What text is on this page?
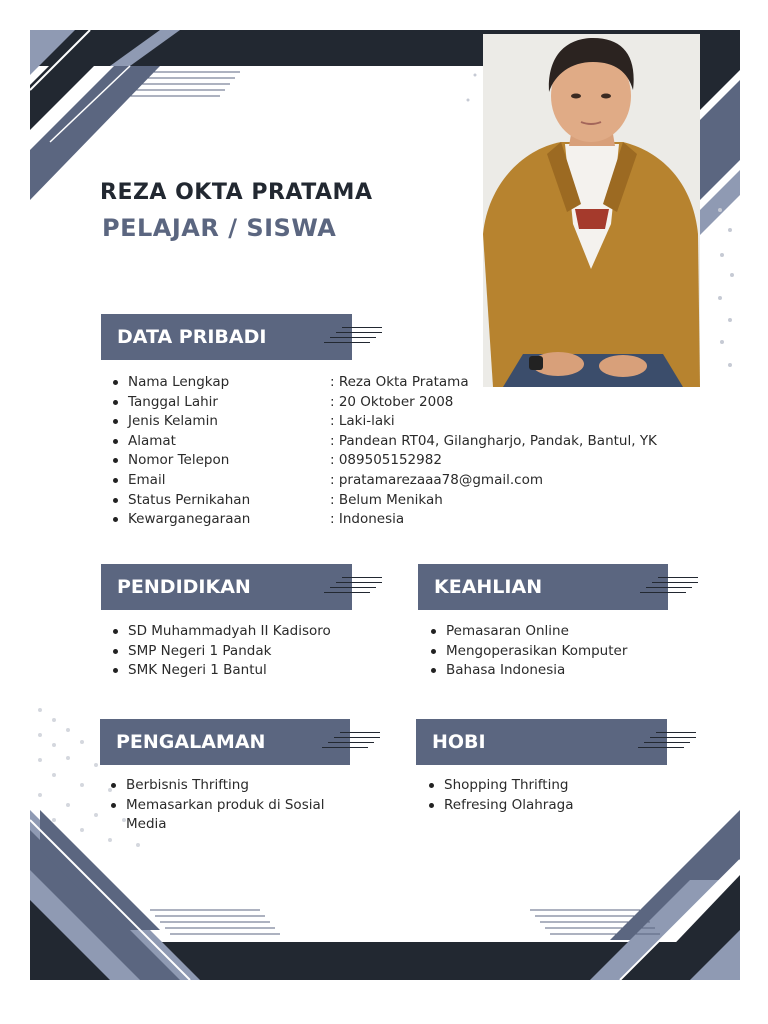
REZA OKTA PRATAMA
PELAJAR / SISWA
DATA PRIBADI
Nama Lengkap	: Reza Okta Pratama
Tanggal Lahir	: 20 Oktober 2008
Jenis Kelamin	: Laki-laki
Alamat	: Pandean RT04, Gilangharjo, Pandak, Bantul, YK
Nomor Telepon	: 089505152982
Email	: pratamarezaaa78@gmail.com
Status Pernikahan	: Belum Menikah
Kewarganegaraan	: Indonesia
PENDIDIKAN
SD Muhammadyah II Kadisoro
SMP Negeri 1 Pandak
SMK Negeri 1 Bantul
KEAHLIAN
Pemasaran Online
Mengoperasikan Komputer
Bahasa Indonesia
PENGALAMAN
Berbisnis Thrifting
Memasarkan produk di Sosial Media
HOBI
Shopping Thrifting
Refresing Olahraga
